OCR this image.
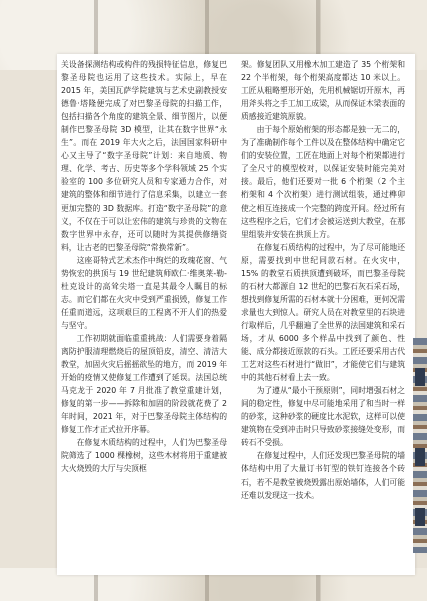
关设备探测结构或构件的残损特征信息，修复巴黎圣母院也运用了这些技术。实际上，早在 2015 年，美国瓦萨学院建筑与艺术史副教授安德鲁·塔隆便完成了对巴黎圣母院的扫描工作，包括扫描各个角度的建筑全景、细节图片，以便制作巴黎圣母院 3D 模型，让其在数字世界“永生”。而在 2019 年大火之后，法国国家科研中心又主导了“数字圣母院”计划：来自地质、物理、化学、考古、历史等多个学科领域 25 个实验室的 100 多位研究人员和专家通力合作，对建筑的整体和细节进行了信息采集，以建立一套更加完整的 3D 数据库。打造“数字圣母院”的意义，不仅在于可以让宏伟的建筑与珍贵的文物在数字世界中永存，还可以随时为其提供修缮资料，让古老的巴黎圣母院“常换常新”。

这座哥特式艺术杰作中绚烂的玫瑰花窗、气势恢宏的拱顶与 19 世纪建筑师欧仁·维奥莱-勒-杜克设计的高耸尖塔一直是其最令人瞩目的标志。而它们都在火灾中受到严重损毁，修复工作任重而道远，这项艰巨的工程离不开人们的热爱与坚守。

工作初期就面临重重挑战：人们需要身着隔离防护服清理燃烧后的屋顶铅皮，清空、清洁大教堂，加固火灾后摇摇欲坠的地方，而 2019 年开始的疫情又使修复工作遭到了延误。法国总统马克龙于 2020 年 7 月批准了教堂重建计划，修复的第一步——拆除和加固的阶段就花费了 2 年时间，2021 年，对于巴黎圣母院主体结构的修复工作才正式拉开序幕。

在修复木质结构的过程中，人们为巴黎圣母院筛选了 1000 棵橡树，这些木材将用于重建被大火烧毁的大厅与尖顶框

架。修复团队又用橡木加工建造了 35 个桁架和 22 个半桁架，每个桁架高度都达 10 米以上。工匠从粗略塑形开始，先用机械锯切开原木，再用斧头将之手工加工成梁，从而保证木梁表面的质感接近建筑原貌。

由于每个原始桁架的形态都是独一无二的，为了准确制作每个工件以及在整体结构中确定它们的安装位置，工匠在地面上对每个桁架都进行了全尺寸的模型校对，以保证安装时能完美对接。最后，他们还要对一批 6 个桁架（2 个主桁架和 4 个次桁架）进行测试组装，通过榫卯使之相互连接成一个完整的跨度开间。经过所有这些程序之后，它们才会被运送到大教堂，在那里组装并安装在拱顶上方。

在修复石质结构的过程中，为了尽可能地还原，需要找到中世纪同款石材。在火灾中，15% 的教堂石质拱顶遭到破坏，而巴黎圣母院的石材大都源自 12 世纪的巴黎石灰石采石场，想找到修复所需的石材本就十分困难，更何况需求量也大到惊人。研究人员在对教堂里的石块进行取样后，几乎翻遍了全世界的法国建筑和采石场，才从 6000 多个样品中找到了颜色、性能、成分都接近原款的石头。工匠还要采用古代工艺对这些石材进行“做旧”，才能使它们与建筑中的其他石材看上去一致。

为了遵从“最小干预原则”，同时增强石材之间的稳定性，修复中尽可能地采用了和当时一样的砂浆，这种砂浆的硬度比水泥软，这样可以使建筑物在受到冲击时只导致砂浆接缝处变形，而砖石不受损。

在修复过程中，人们还发现巴黎圣母院的墙体结构中用了大量订书钉型的铁钉连接各个砖石，若不是教堂被烧毁露出原始墙体，人们可能还难以发现这一技术。
